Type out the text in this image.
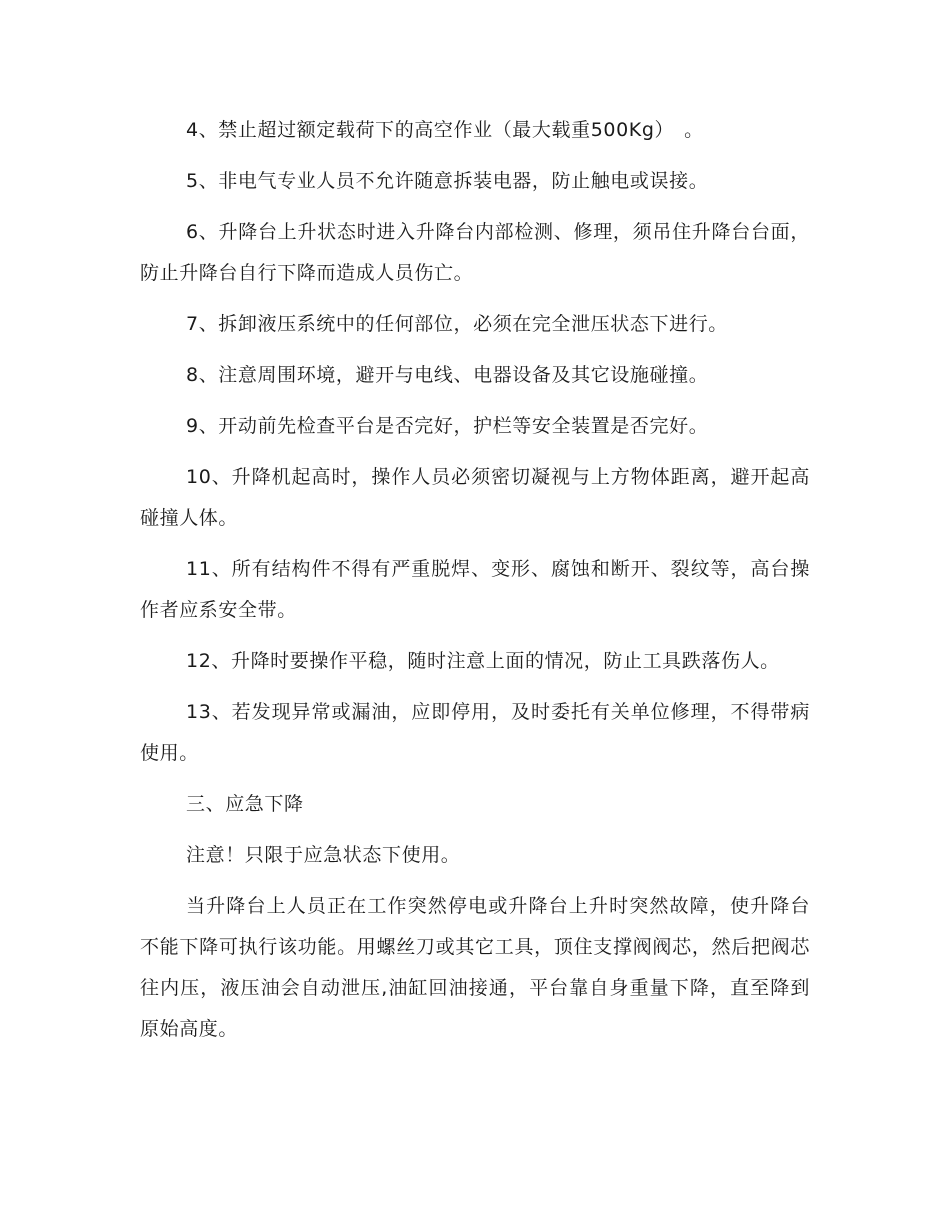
4、禁止超过额定载荷下的高空作业（最大载重500Kg）　。

5、非电气专业人员不允许随意拆装电器，防止触电或误接。

6、升降台上升状态时进入升降台内部检测、修理，须吊住升降台台面，防止升降台自行下降而造成人员伤亡。

7、拆卸液压系统中的任何部位，必须在完全泄压状态下进行。

8、注意周围环境，避开与电线、电器设备及其它设施碰撞。

9、开动前先检查平台是否完好，护栏等安全装置是否完好。

10、升降机起高时，操作人员必须密切凝视与上方物体距离，避开起高碰撞人体。

11、所有结构件不得有严重脱焊、变形、腐蚀和断开、裂纹等，高台操作者应系安全带。

12、升降时要操作平稳，随时注意上面的情况，防止工具跌落伤人。

13、若发现异常或漏油，应即停用，及时委托有关单位修理，不得带病使用。

三、应急下降

注意！只限于应急状态下使用。

当升降台上人员正在工作突然停电或升降台上升时突然故障，使升降台不能下降可执行该功能。用螺丝刀或其它工具，顶住支撑阀阀芯，然后把阀芯往内压，液压油会自动泄压,油缸回油接通，平台靠自身重量下降，直至降到原始高度。
